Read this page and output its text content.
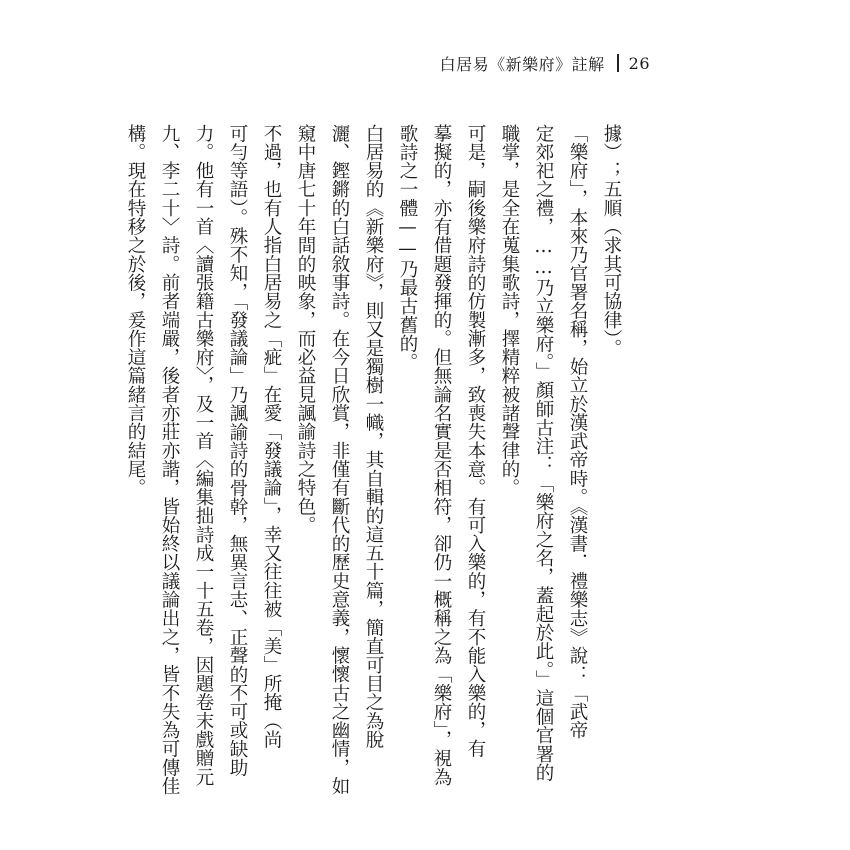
白居易《新樂府》註解 26
據）；五順（求其可協律）。
「樂府」，本來乃官署名稱，始立於漢武帝時。《漢書．禮樂志》說：「武帝
定郊祀之禮，……乃立樂府。」顏師古注：「樂府之名，蓋起於此。」這個官署的
職掌，是全在蒐集歌詩，擇精粹被諸聲律的。
可是，嗣後樂府詩的仿製漸多，致喪失本意。有可入樂的，有不能入樂的，有
摹擬的，亦有借題發揮的。但無論名實是否相符，卻仍一概稱之為「樂府」，視為
歌詩之一體——乃最古舊的。
白居易的《新樂府》，則又是獨樹一幟，其自輯的這五十篇，簡直可目之為脫
灑、鏗鏘的白話敘事詩。在今日欣賞，非僅有斷代的歷史意義，懷懷古之幽情，如
窺中唐七十年間的映象，而必益見諷諭詩之特色。
不過，也有人指白居易之「疵」在愛「發議論」，幸又往往被「美」所掩（尚
可勻等語）。殊不知，「發議論」乃諷諭詩的骨幹，無異言志、正聲的不可或缺助
力。他有一首〈讀張籍古樂府〉，及一首〈編集拙詩成一十五卷，因題卷末戲贈元
九、李二十〉詩。前者端嚴，後者亦莊亦諧，皆始終以議論出之，皆不失為可傳佳
構。現在特移之於後，爰作這篇緒言的結尾。
